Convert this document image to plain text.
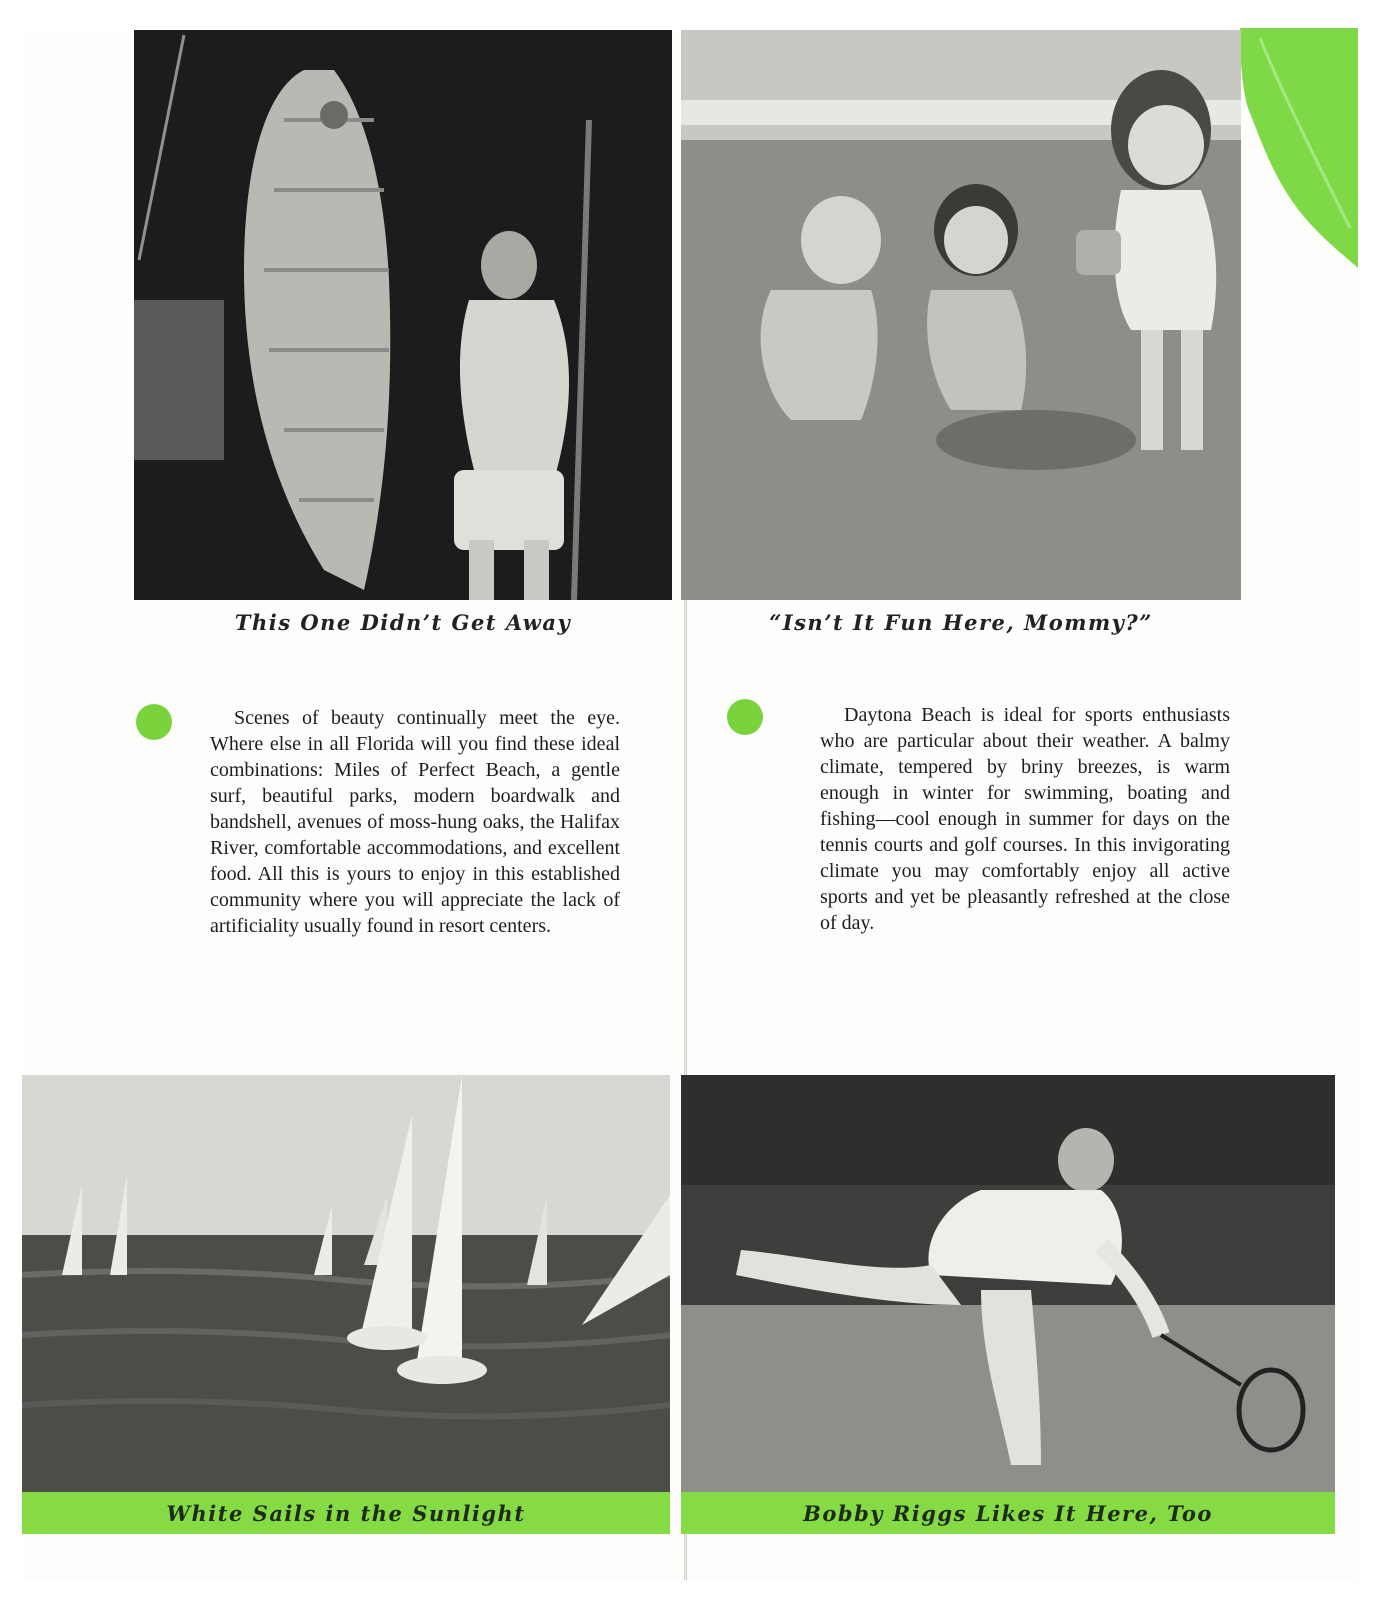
This One Didn’t Get Away	“Isn’t It Fun Here, Mommy?”

Scenes of beauty continually meet the eye. Where else in all Florida will you find these ideal combinations: Miles of Perfect Beach, a gentle surf, beautiful parks, modern boardwalk and bandshell, avenues of moss-hung oaks, the Halifax River, comfortable accommodations, and excellent food. All this is yours to enjoy in this established community where you will appreciate the lack of artificiality usually found in resort centers.

Daytona Beach is ideal for sports enthusiasts who are particular about their weather. A balmy climate, tempered by briny breezes, is warm enough in winter for swimming, boating and fishing—cool enough in summer for days on the tennis courts and golf courses. In this invigorating climate you may comfortably enjoy all active sports and yet be pleasantly refreshed at the close of day.

White Sails in the Sunlight	Bobby Riggs Likes It Here, Too
